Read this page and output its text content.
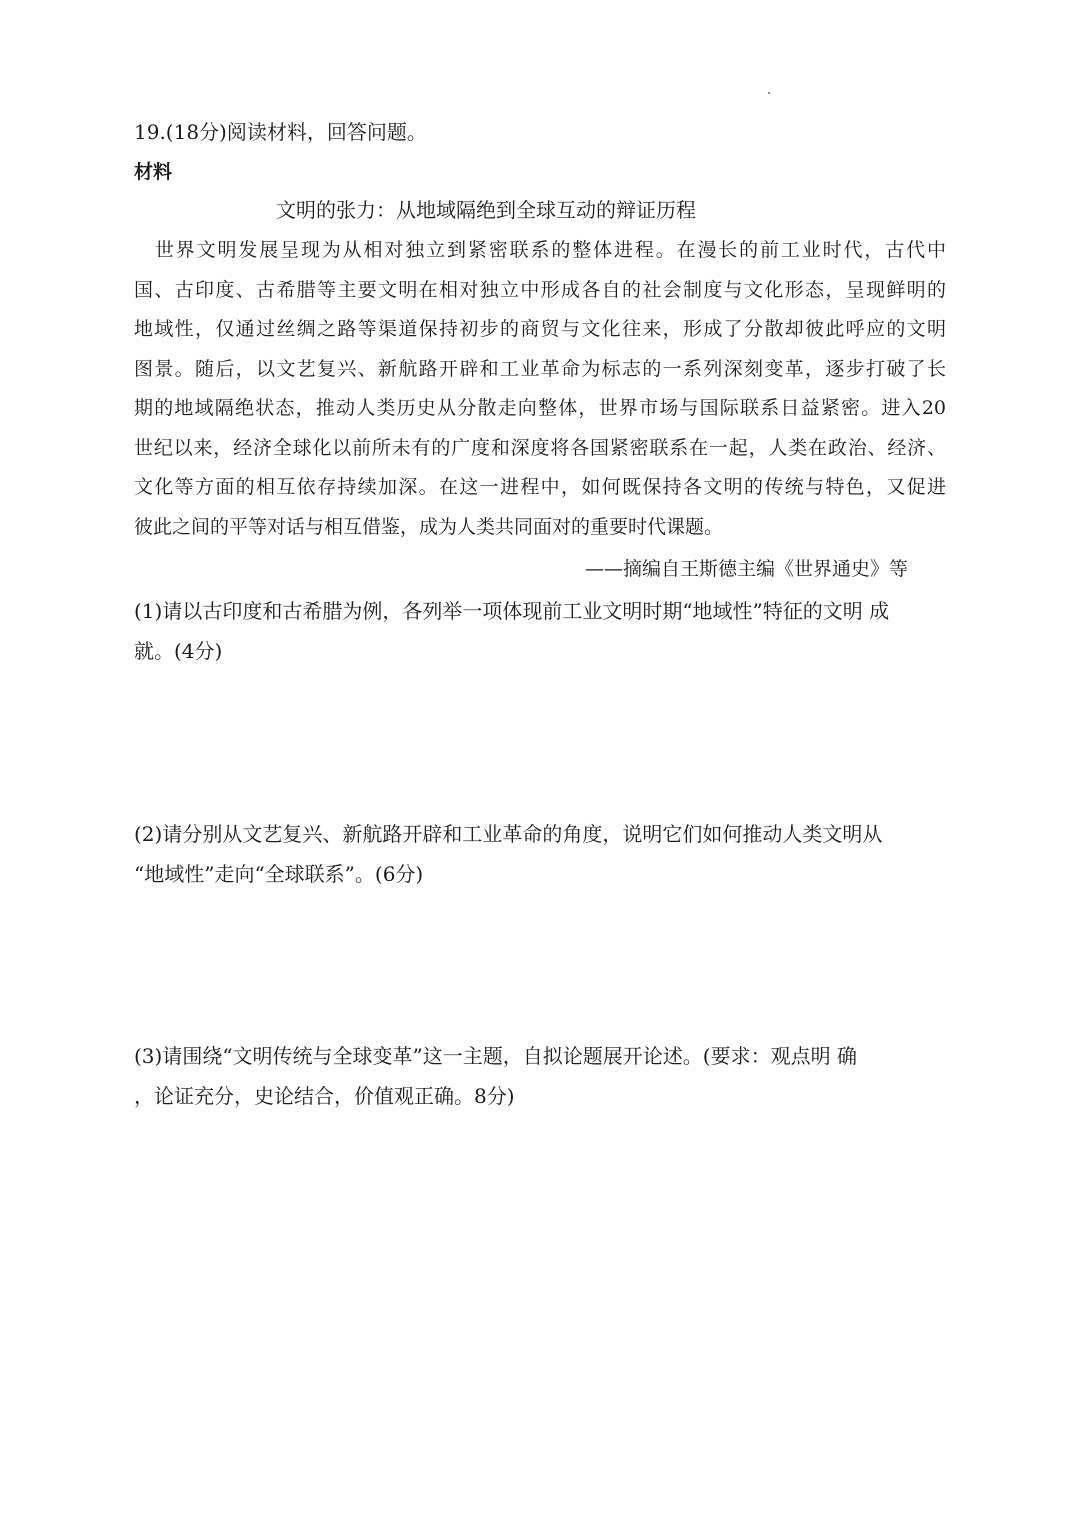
19.(18分)阅读材料，回答问题。
材料
文明的张力：从地域隔绝到全球互动的辩证历程
　世界文明发展呈现为从相对独立到紧密联系的整体进程。在漫长的前工业时代，古代中
国、古印度、古希腊等主要文明在相对独立中形成各自的社会制度与文化形态，呈现鲜明的
地域性，仅通过丝绸之路等渠道保持初步的商贸与文化往来，形成了分散却彼此呼应的文明
图景。随后，以文艺复兴、新航路开辟和工业革命为标志的一系列深刻变革，逐步打破了长
期的地域隔绝状态，推动人类历史从分散走向整体，世界市场与国际联系日益紧密。进入20
世纪以来，经济全球化以前所未有的广度和深度将各国紧密联系在一起，人类在政治、经济、
文化等方面的相互依存持续加深。在这一进程中，如何既保持各文明的传统与特色，又促进
彼此之间的平等对话与相互借鉴，成为人类共同面对的重要时代课题。
——摘编自王斯德主编《世界通史》等
(1)请以古印度和古希腊为例，各列举一项体现前工业文明时期“地域性”特征的文明 成
就。(4分)
(2)请分别从文艺复兴、新航路开辟和工业革命的角度，说明它们如何推动人类文明从
“地域性”走向“全球联系”。(6分)
(3)请围绕“文明传统与全球变革”这一主题，自拟论题展开论述。(要求：观点明 确
，论证充分，史论结合，价值观正确。8分)
